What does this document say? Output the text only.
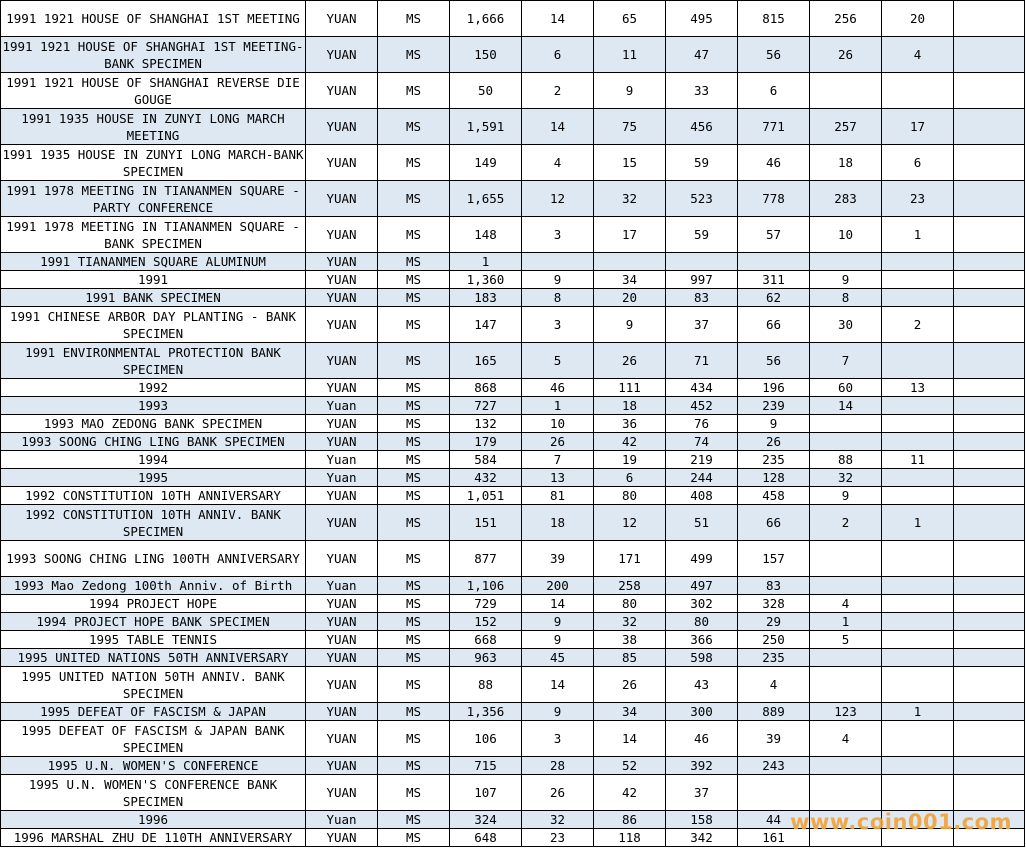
1991 1921 HOUSE OF SHANGHAI 1ST MEETING	YUAN	MS	1,666	14	65	495	815	256	20	
1991 1921 HOUSE OF SHANGHAI 1ST MEETING-BANK SPECIMEN	YUAN	MS	150	6	11	47	56	26	4	
1991 1921 HOUSE OF SHANGHAI REVERSE DIE GOUGE	YUAN	MS	50	2	9	33	6			
1991 1935 HOUSE IN ZUNYI LONG MARCH MEETING	YUAN	MS	1,591	14	75	456	771	257	17	
1991 1935 HOUSE IN ZUNYI LONG MARCH-BANK SPECIMEN	YUAN	MS	149	4	15	59	46	18	6	
1991 1978 MEETING IN TIANANMEN SQUARE - PARTY CONFERENCE	YUAN	MS	1,655	12	32	523	778	283	23	
1991 1978 MEETING IN TIANANMEN SQUARE - BANK SPECIMEN	YUAN	MS	148	3	17	59	57	10	1	
1991 TIANANMEN SQUARE ALUMINUM	YUAN	MS	1							
1991	YUAN	MS	1,360	9	34	997	311	9		
1991 BANK SPECIMEN	YUAN	MS	183	8	20	83	62	8		
1991 CHINESE ARBOR DAY PLANTING - BANK SPECIMEN	YUAN	MS	147	3	9	37	66	30	2	
1991 ENVIRONMENTAL PROTECTION BANK SPECIMEN	YUAN	MS	165	5	26	71	56	7		
1992	YUAN	MS	868	46	111	434	196	60	13	
1993	Yuan	MS	727	1	18	452	239	14		
1993 MAO ZEDONG BANK SPECIMEN	YUAN	MS	132	10	36	76	9			
1993 SOONG CHING LING BANK SPECIMEN	YUAN	MS	179	26	42	74	26			
1994	Yuan	MS	584	7	19	219	235	88	11	
1995	Yuan	MS	432	13	6	244	128	32		
1992 CONSTITUTION 10TH ANNIVERSARY	YUAN	MS	1,051	81	80	408	458	9		
1992 CONSTITUTION 10TH ANNIV. BANK SPECIMEN	YUAN	MS	151	18	12	51	66	2	1	
1993 SOONG CHING LING 100TH ANNIVERSARY	YUAN	MS	877	39	171	499	157			
1993 Mao Zedong 100th Anniv. of Birth	Yuan	MS	1,106	200	258	497	83			
1994 PROJECT HOPE	YUAN	MS	729	14	80	302	328	4		
1994 PROJECT HOPE BANK SPECIMEN	YUAN	MS	152	9	32	80	29	1		
1995 TABLE TENNIS	YUAN	MS	668	9	38	366	250	5		
1995 UNITED NATIONS 50TH ANNIVERSARY	YUAN	MS	963	45	85	598	235			
1995 UNITED NATION 50TH ANNIV. BANK SPECIMEN	YUAN	MS	88	14	26	43	4			
1995 DEFEAT OF FASCISM & JAPAN	YUAN	MS	1,356	9	34	300	889	123	1	
1995 DEFEAT OF FASCISM & JAPAN BANK SPECIMEN	YUAN	MS	106	3	14	46	39	4		
1995 U.N. WOMEN'S CONFERENCE	YUAN	MS	715	28	52	392	243			
1995 U.N. WOMEN'S CONFERENCE BANK SPECIMEN	YUAN	MS	107	26	42	37				
1996	Yuan	MS	324	32	86	158	44			
1996 MARSHAL ZHU DE 110TH ANNIVERSARY	YUAN	MS	648	23	118	342	161			
www.coin001.com
